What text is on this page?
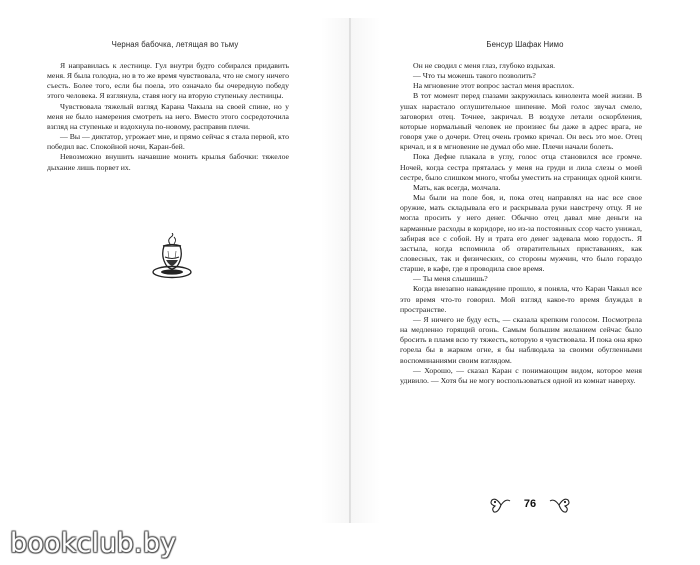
Черная бабочка, летящая во тьму

Я направилась к лестнице. Гул внутри будто собирался придавить меня. Я была голодна, но в то же время чувствовала, что не смогу ничего съесть. Более того, если бы поела, это означало бы очередную победу этого человека. Я взглянула, ставя ногу на вторую ступеньку лестницы.

Чувствовала тяжелый взгляд Карана Чакыла на своей спине, но у меня не было намерения смотреть на него. Вместо этого сосредоточила взгляд на ступеньке и вздохнула по-новому, расправив плечи.

— Вы — диктатор, угрожает мне, и прямо сейчас я стала первой, кто победил вас. Спокойной ночи, Каран-бей.

Невозможно внушить начавшие монить крылья бабочки: тяжелое дыхание лишь порвет их.

Бенсур Шафак Нимо

Он не сводил с меня глаз, глубоко вздыхая.

— Что ты можешь такого позволить?

На мгновение этот вопрос застал меня врасплох.

В тот момент перед глазами закружилась кинолента моей жизни. В ушах нарастало оглушительное шипение. Мой голос звучал смело, заговорил отец. Точнее, закричал. В воздухе летали оскорбления, которые нормальный человек не произнес бы даже в адрес врага, не говоря уже о дочери. Отец очень громко кричал. Он весь это мое. Отец кричал, и я в мгновение не думал обо мне. Плечи начали болеть.

Пока Дефне плакала в углу, голос отца становился все громче. Ночей, когда сестра пряталась у меня на груди и лила слезы о моей сестре, было слишком много, чтобы уместить на страницах одной книги.

Мать, как всегда, молчала.

Мы были на поле боя, и, пока отец направлял на нас все свое оружие, мать складывала его и раскрывала руки навстречу отцу. Я не могла просить у него денег. Обычно отец давал мне деньги на карманные расходы в коридоре, но из-за постоянных ссор часто унижал, забирая все с собой. Ну и трата его денег задевала мою гордость. Я застыла, когда вспомнила об отвратительных приставаниях, как словесных, так и физических, со стороны мужчин, что было гораздо старше, в кафе, где я проводила свое время.

— Ты меня слышишь?

Когда внезапно наваждение прошло, я поняла, что Каран Чакыл все это время что-то говорил. Мой взгляд какое-то время блуждал в пространстве.

— Я ничего не буду есть, — сказала крепким голосом. Посмотрела на медленно горящий огонь. Самым большим желанием сейчас было бросить в пламя всю ту тяжесть, которую я чувствовала. И пока она ярко горела бы в жарком огне, я бы наблюдала за своими обугленными воспоминаниями своим взглядом.

— Хорошо, — сказал Каран с понимающим видом, которое меня удивило. — Хотя бы не могу воспользоваться одной из комнат наверху.

76
bookclub.by
